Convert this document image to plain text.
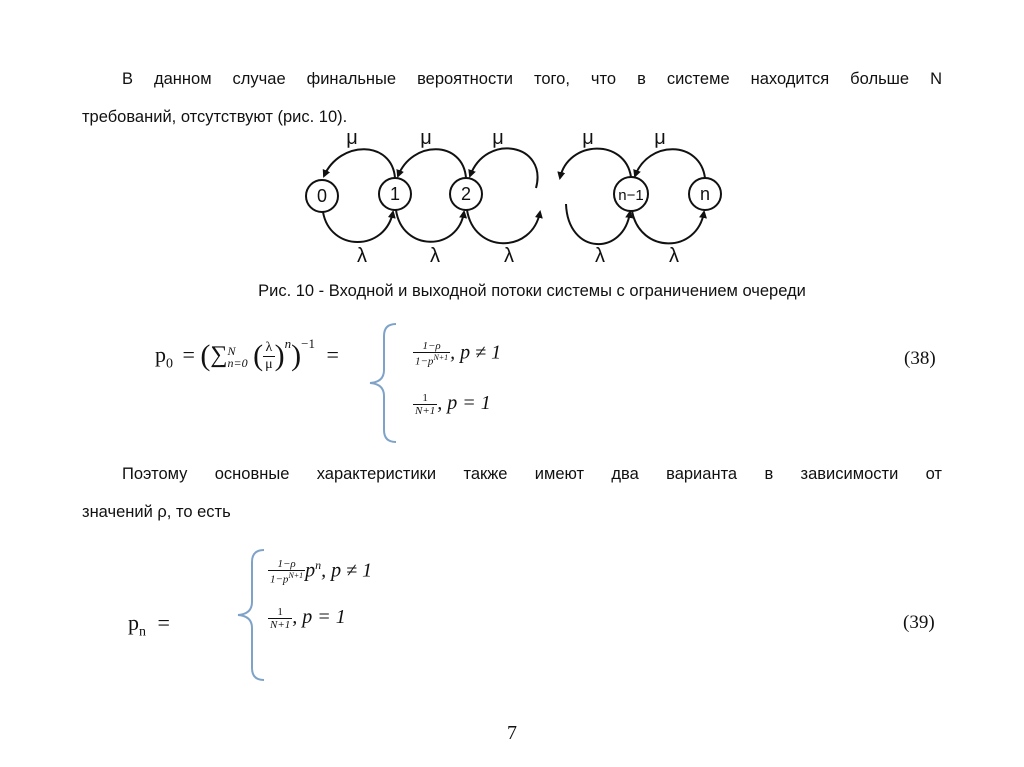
В данном случае финальные вероятности того, что в системе находится больше N
требований, отсутствуют (рис. 10).
0	1	2	n−1	n
μ	μ	μ	μ	μ
λ	λ	λ	λ	λ
Рис. 10 - Входной и выходной потоки системы с ограничением очереди
$p_0$ = (∑ N
n=0 ( $\frac{\lambda}{\mu} )^n)^{-1}$ =	$\frac{1-\rho}{1-p^{N+1}}$ , p ≠ 1
$\frac{1}{N+1}$ , p = 1
(38)
Поэтому основные характеристики также имеют два варианта в зависимости от
значений ρ, то есть
$p_n$ =
$\frac{1-\rho}{1-p^{N+1}} p^n$, p ≠ 1
$\frac{1}{N+1}$ , p = 1	(39)
7
